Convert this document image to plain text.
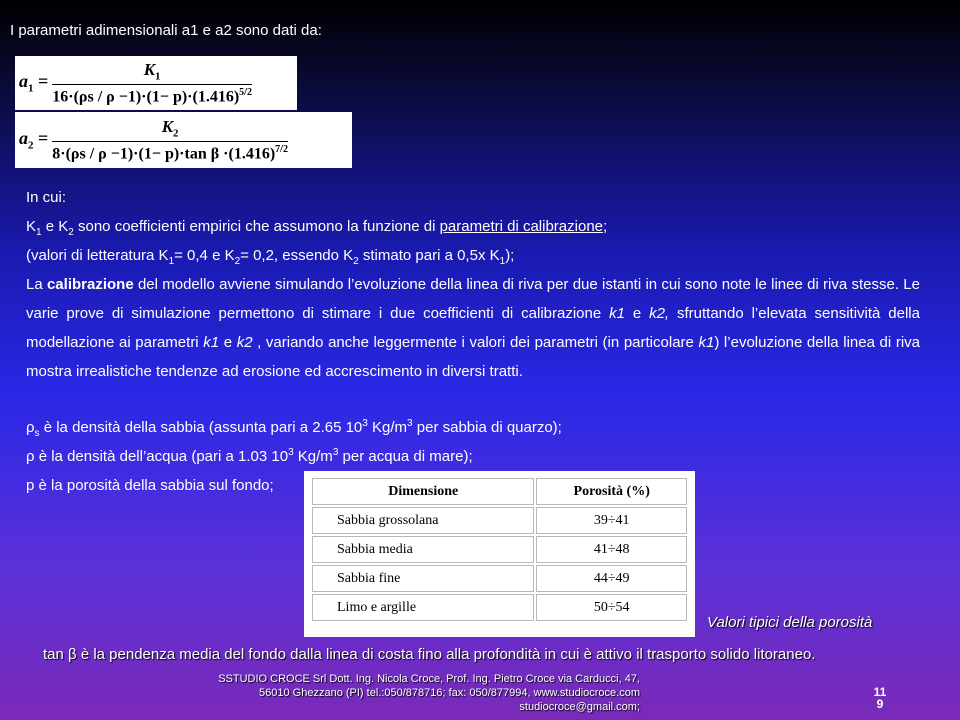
I parametri adimensionali a1 e a2 sono dati da:
$a_1 = \frac{K_1}{16\cdot(\rho s / \rho -1)\cdot(1- p)\cdot(1.416)^{5/2}}$
$a_2 = \frac{K_2}{8\cdot(\rho s / \rho -1)\cdot(1- p)\cdot\tan \beta \cdot(1.416)^{7/2}}$
In cui:
$K_1$ e $K_2$ sono coefficienti empirici che assumono la funzione di parametri di calibrazione;
(valori di letteratura $K_1= 0,4$ e $K_2= 0,2$, essendo $K_2$ stimato pari a 0,5x $K_1$);
La calibrazione del modello avviene simulando l’evoluzione della linea di riva per due istanti in cui sono note le linee di riva stesse. Le varie prove di simulazione permettono di stimare i due coefficienti di calibrazione k1 e k2, sfruttando l’elevata sensitività della modellazione ai parametri k1 e k2 , variando anche leggermente i valori dei parametri (in particolare k1) l’evoluzione della linea di riva mostra irrealistiche tendenze ad erosione ed accrescimento in diversi tratti.
$\rho_s$ è la densità della sabbia (assunta pari a 2.65 $10^3$ $Kg/m^3$ per sabbia di quarzo);
ρ è la densità dell’acqua (pari a 1.03 $10^3$ $Kg/m^3$ per acqua di mare);
p è la porosità della sabbia sul fondo;	Dimensione	Porosità (%)
Sabbia grossolana	39÷41
Sabbia media	41÷48
Sabbia fine	44÷49
Limo e argille	50÷54
Valori tipici della porosità
tan β è la pendenza media del fondo dalla linea di costa fino alla profondità in cui è attivo il trasporto solido litoraneo.
SSTUDIO CROCE Srl Dott. Ing. Nicola Croce, Prof. Ing. Pietro Croce via Carducci, 47,
56010 Ghezzano (PI) tel.:050/878716; fax: 050/877994, www.studiocroce.com
studiocroce@gmail.com;
11
9
